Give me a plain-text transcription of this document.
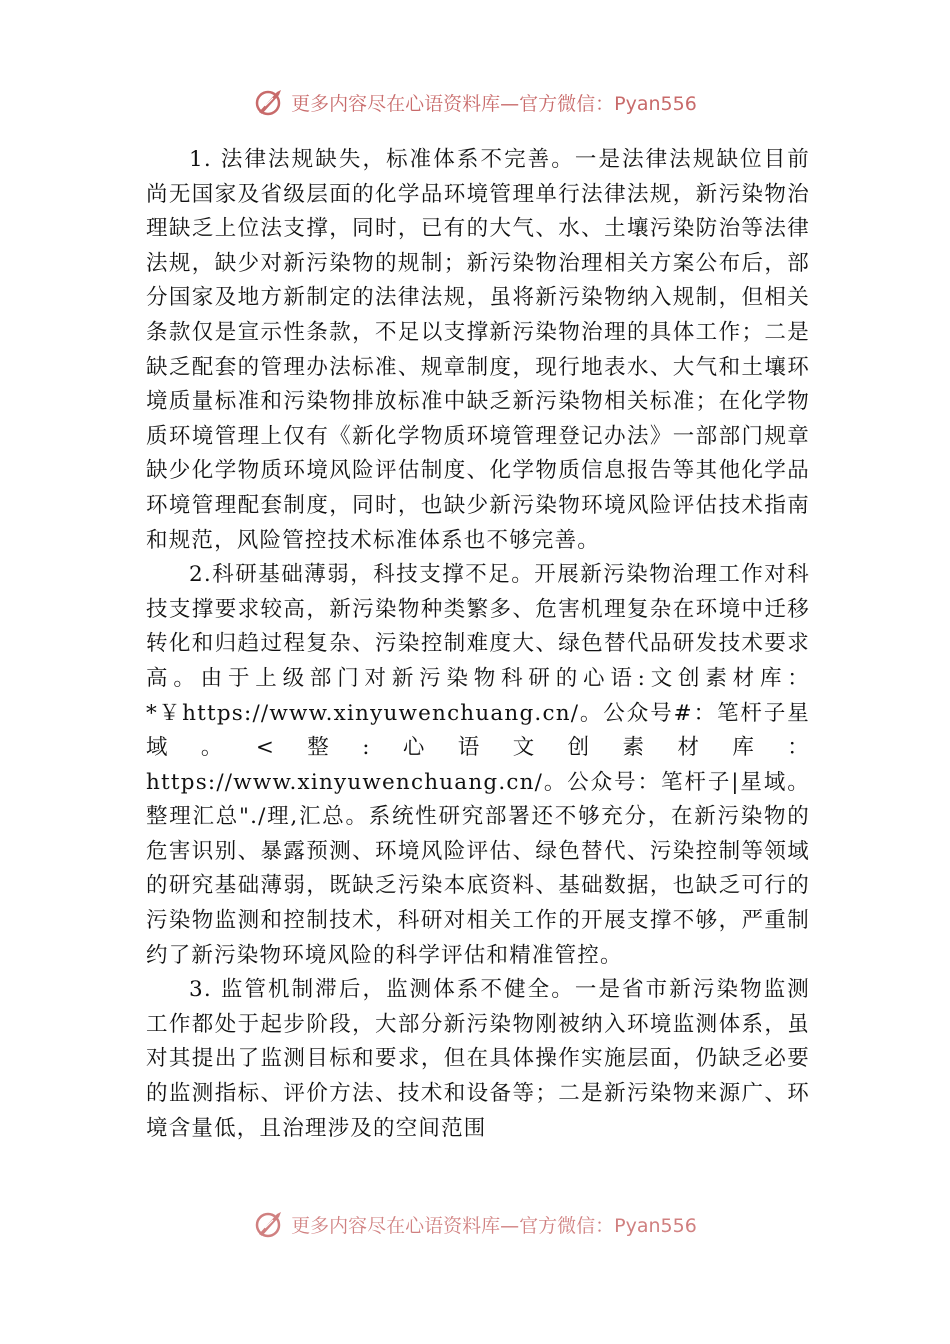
更多内容尽在心语资料库—官方微信：Pyan556

1. 法律法规缺失，标准体系不完善。一是法律法规缺位目前尚无国家及省级层面的化学品环境管理单行法律法规，新污染物治理缺乏上位法支撑，同时，已有的大气、水、土壤污染防治等法律法规，缺少对新污染物的规制；新污染物治理相关方案公布后，部分国家及地方新制定的法律法规，虽将新污染物纳入规制，但相关条款仅是宣示性条款，不足以支撑新污染物治理的具体工作；二是缺乏配套的管理办法标准、规章制度，现行地表水、大气和土壤环境质量标准和污染物排放标准中缺乏新污染物相关标准；在化学物质环境管理上仅有《新化学物质环境管理登记办法》一部部门规章缺少化学物质环境风险评估制度、化学物质信息报告等其他化学品环境管理配套制度，同时，也缺少新污染物环境风险评估技术指南和规范，风险管控技术标准体系也不够完善。

2.科研基础薄弱，科技支撑不足。开展新污染物治理工作对科技支撑要求较高，新污染物种类繁多、危害机理复杂在环境中迁移转化和归趋过程复杂、污染控制难度大、绿色替代品研发技术要求高。由于上级部门对新污染物科研的心语:文创素材库：*￥https://www.xinyuwenchuang.cn/。公众号#：笔杆子星域。<整:心语文创素材库：https://www.xinyuwenchuang.cn/。公众号：笔杆子|星域。整理汇总"./理,汇总。系统性研究部署还不够充分，在新污染物的危害识别、暴露预测、环境风险评估、绿色替代、污染控制等领域的研究基础薄弱，既缺乏污染本底资料、基础数据，也缺乏可行的污染物监测和控制技术，科研对相关工作的开展支撑不够，严重制约了新污染物环境风险的科学评估和精准管控。

3. 监管机制滞后，监测体系不健全。一是省市新污染物监测工作都处于起步阶段，大部分新污染物刚被纳入环境监测体系，虽对其提出了监测目标和要求，但在具体操作实施层面，仍缺乏必要的监测指标、评价方法、技术和设备等；二是新污染物来源广、环境含量低，且治理涉及的空间范围

更多内容尽在心语资料库—官方微信：Pyan556
